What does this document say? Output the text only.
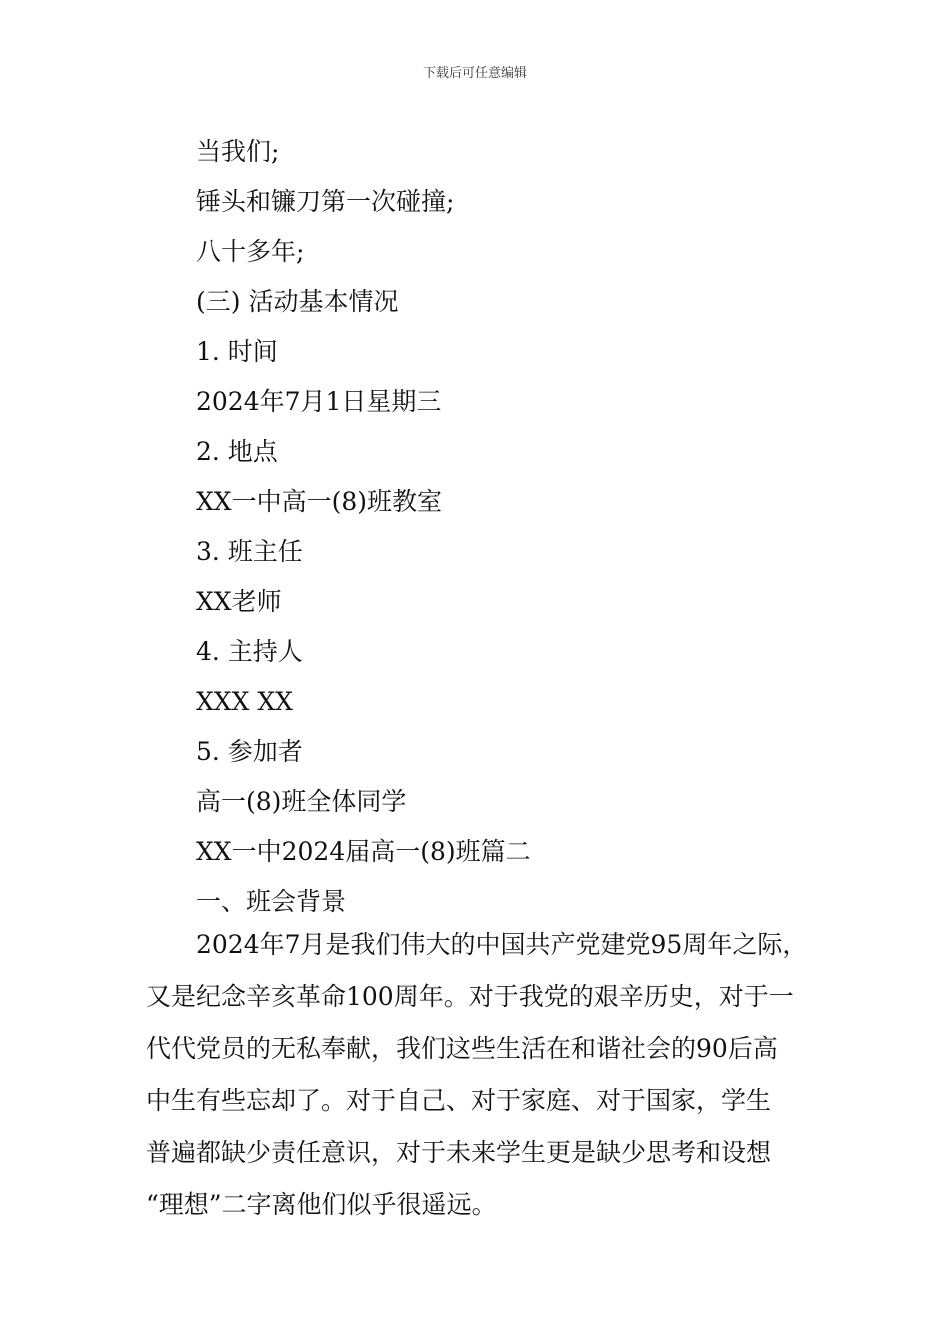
下载后可任意编辑
当我们;
锤头和镰刀第一次碰撞;
八十多年;
(三) 活动基本情况
1. 时间
2024年7月1日星期三
2. 地点
XX一中高一(8)班教室
3. 班主任
XX老师
4. 主持人
XXX XX
5. 参加者
高一(8)班全体同学
XX一中2024届高一(8)班篇二
一、班会背景
2024年7月是我们伟大的中国共产党建党95周年之际，
又是纪念辛亥革命100周年。对于我党的艰辛历史，对于一
代代党员的无私奉献，我们这些生活在和谐社会的90后高
中生有些忘却了。对于自己、对于家庭、对于国家，学生
普遍都缺少责任意识，对于未来学生更是缺少思考和设想
“理想”二字离他们似乎很遥远。
